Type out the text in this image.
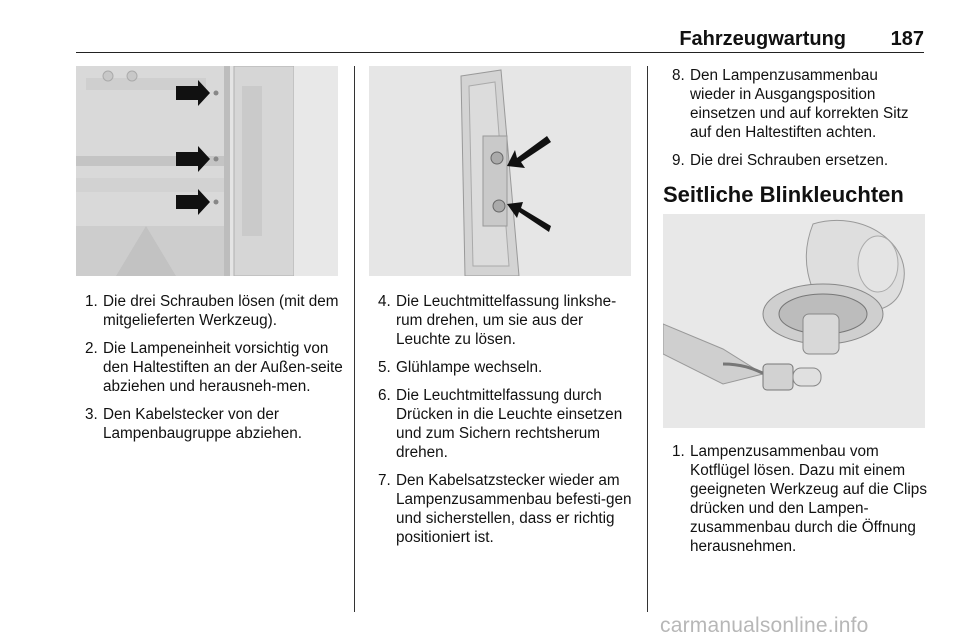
Fahrzeugwartung 187
1. Die drei Schrauben lösen (mit dem mitgelieferten Werkzeug).
2. Die Lampeneinheit vorsichtig von den Haltestiften an der Außen-seite abziehen und herausneh-men.
3. Den Kabelstecker von der Lampenbaugruppe abziehen.
4. Die Leuchtmittelfassung linkshe-rum drehen, um sie aus der Leuchte zu lösen.
5. Glühlampe wechseln.
6. Die Leuchtmittelfassung durch Drücken in die Leuchte einsetzen und zum Sichern rechtsherum drehen.
7. Den Kabelsatzstecker wieder am Lampenzusammenbau befesti-gen und sicherstellen, dass er richtig positioniert ist.
8. Den Lampenzusammenbau wieder in Ausgangsposition einsetzen und auf korrekten Sitz auf den Haltestiften achten.
9. Die drei Schrauben ersetzen.
Seitliche Blinkleuchten
1. Lampenzusammenbau vom Kotflügel lösen. Dazu mit einem geeigneten Werkzeug auf die Clips drücken und den Lampen-zusammenbau durch die Öffnung herausnehmen.
carmanualsonline.info
